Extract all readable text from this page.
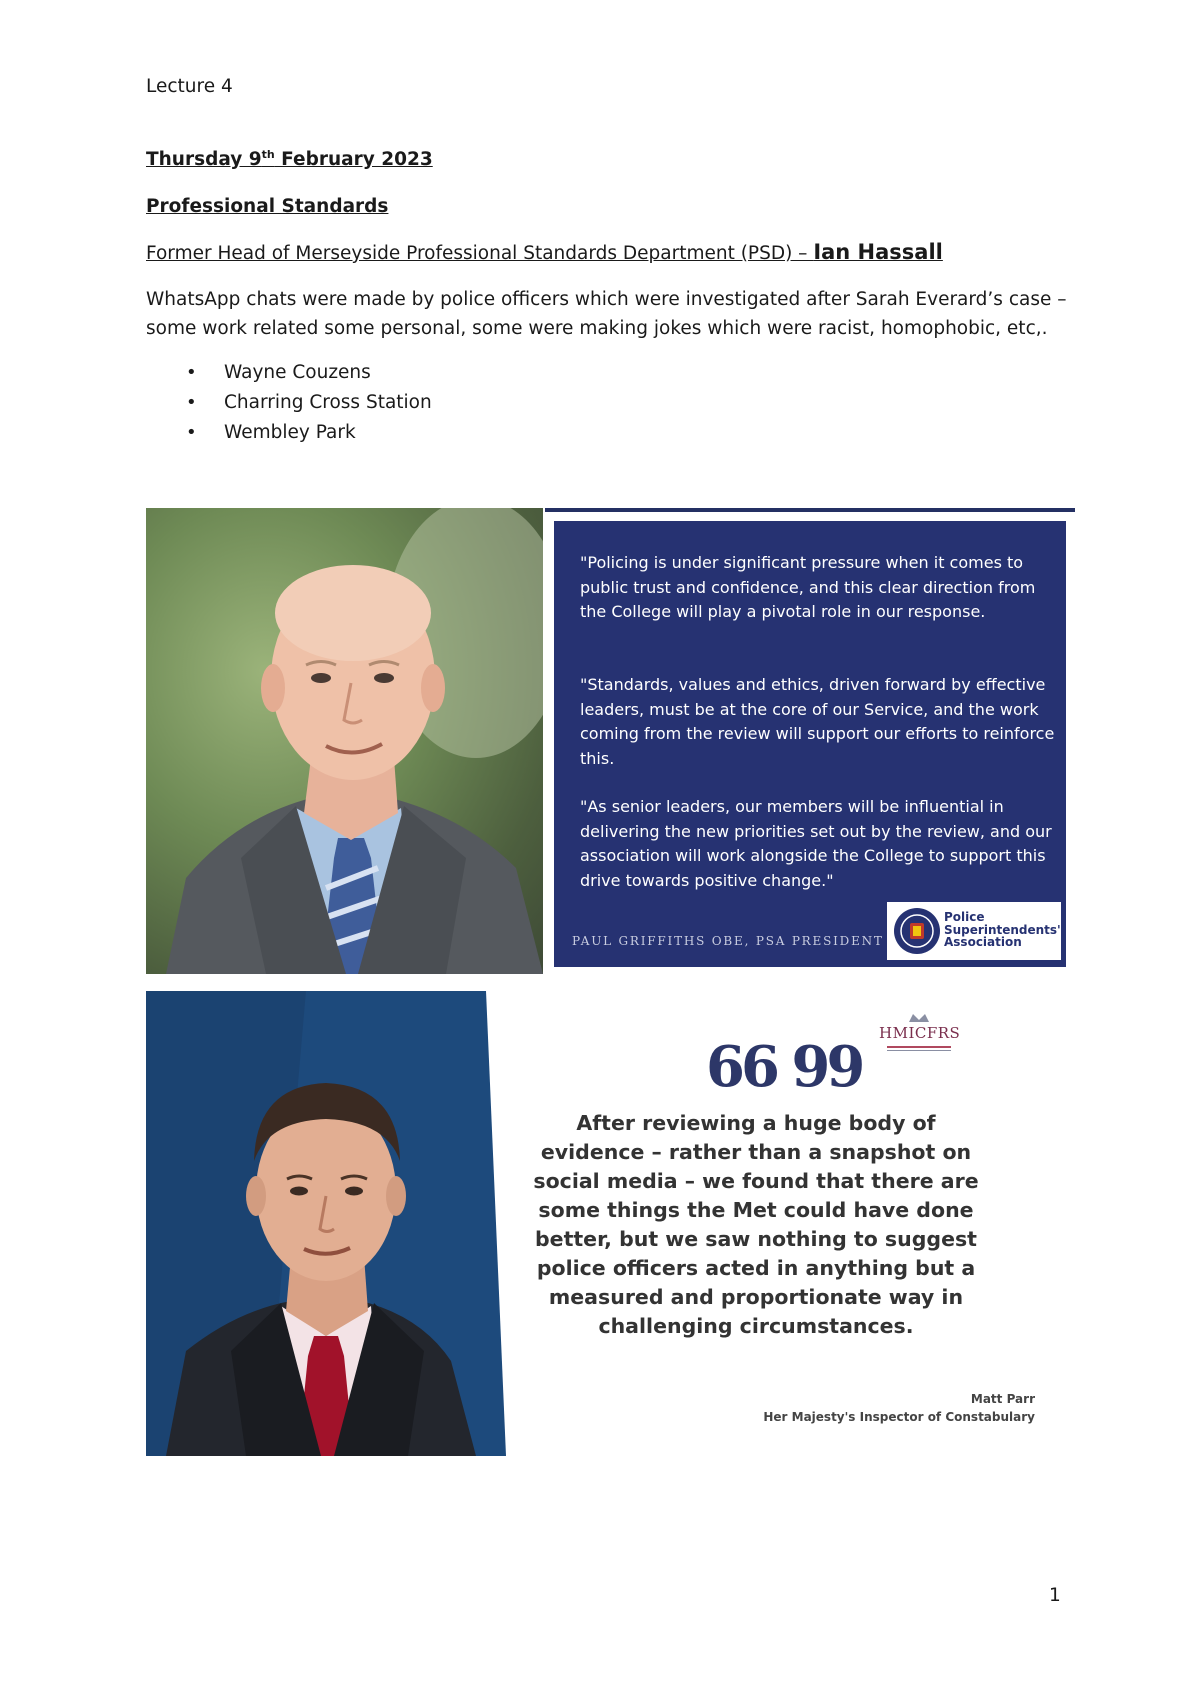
Lecture 4
Thursday 9th February 2023
Professional Standards
Former Head of Merseyside Professional Standards Department (PSD) – Ian Hassall
WhatsApp chats were made by police officers which were investigated after Sarah Everard’s case – some work related some personal, some were making jokes which were racist, homophobic, etc,.
• Wayne Couzens
• Charring Cross Station
• Wembley Park
"Policing is under significant pressure when it comes to public trust and confidence, and this clear direction from the College will play a pivotal role in our response.
"Standards, values and ethics, driven forward by effective leaders, must be at the core of our Service, and the work coming from the review will support our efforts to reinforce this.
"As senior leaders, our members will be influential in delivering the new priorities set out by the review, and our association will work alongside the College to support this drive towards positive change."
PAUL GRIFFITHS OBE, PSA PRESIDENT
Police Superintendents' Association
HMICFRS
66 99
After reviewing a huge body of evidence – rather than a snapshot on social media – we found that there are some things the Met could have done better, but we saw nothing to suggest police officers acted in anything but a measured and proportionate way in challenging circumstances.
Matt Parr
Her Majesty's Inspector of Constabulary
1
